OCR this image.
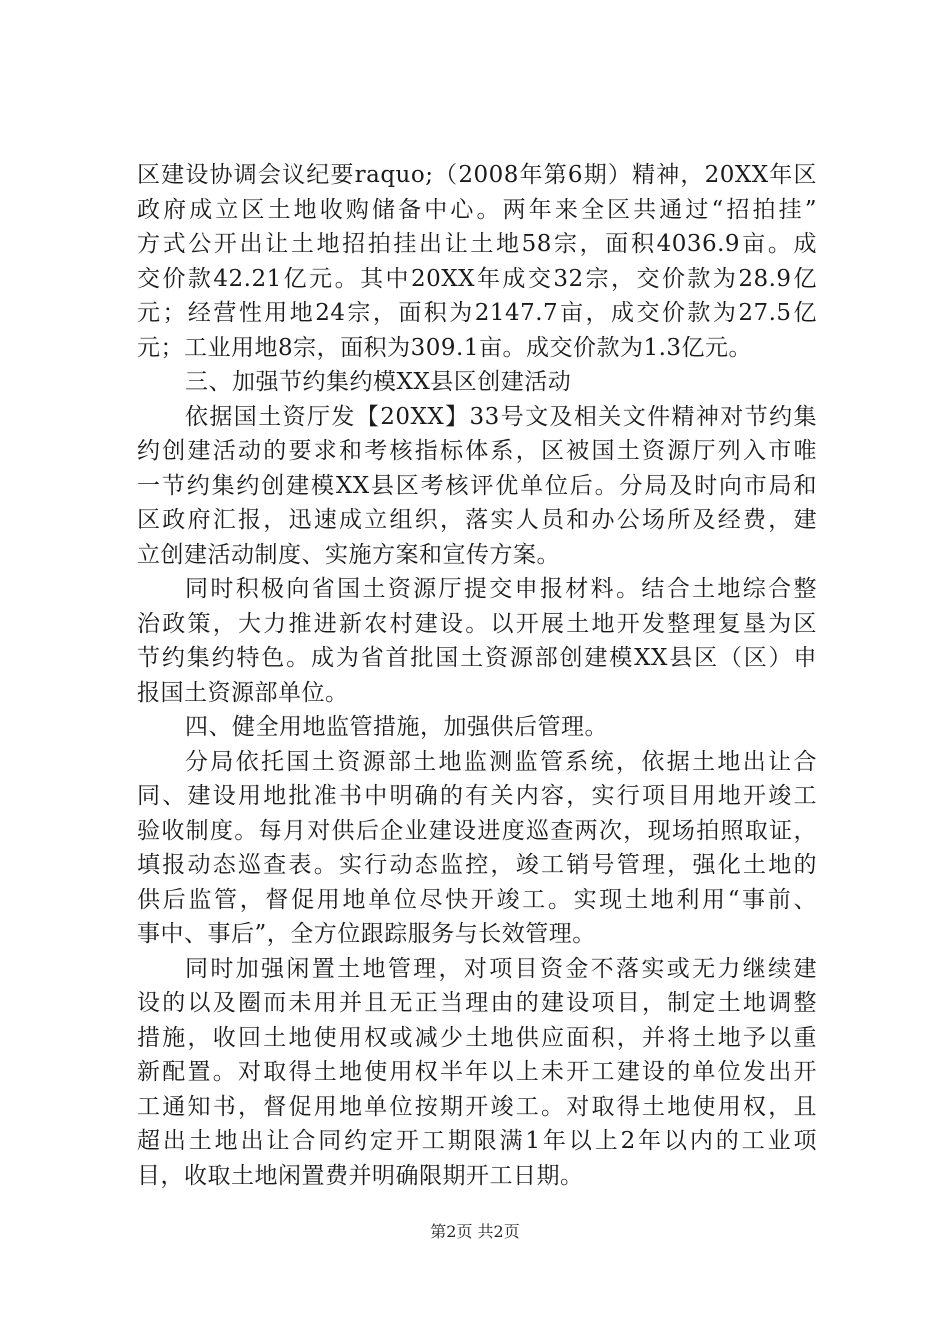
区建设协调会议纪要raquo;（2008年第6期）精神，20XX年区
政府成立区土地收购储备中心。两年来全区共通过“招拍挂”
方式公开出让土地招拍挂出让土地58宗，面积4036.9亩。成
交价款42.21亿元。其中20XX年成交32宗，交价款为28.9亿
元；经营性用地24宗，面积为2147.7亩，成交价款为27.5亿
元；工业用地8宗，面积为309.1亩。成交价款为1.3亿元。
三、加强节约集约模XX县区创建活动
依据国土资厅发【20XX】33号文及相关文件精神对节约集
约创建活动的要求和考核指标体系，区被国土资源厅列入市唯
一节约集约创建模XX县区考核评优单位后。分局及时向市局和
区政府汇报，迅速成立组织，落实人员和办公场所及经费，建
立创建活动制度、实施方案和宣传方案。
同时积极向省国土资源厅提交申报材料。结合土地综合整
治政策，大力推进新农村建设。以开展土地开发整理复垦为区
节约集约特色。成为省首批国土资源部创建模XX县区（区）申
报国土资源部单位。
四、健全用地监管措施，加强供后管理。
分局依托国土资源部土地监测监管系统，依据土地出让合
同、建设用地批准书中明确的有关内容，实行项目用地开竣工
验收制度。每月对供后企业建设进度巡查两次，现场拍照取证，
填报动态巡查表。实行动态监控，竣工销号管理，强化土地的
供后监管，督促用地单位尽快开竣工。实现土地利用“事前、
事中、事后”，全方位跟踪服务与长效管理。
同时加强闲置土地管理，对项目资金不落实或无力继续建
设的以及圈而未用并且无正当理由的建设项目，制定土地调整
措施，收回土地使用权或减少土地供应面积，并将土地予以重
新配置。对取得土地使用权半年以上未开工建设的单位发出开
工通知书，督促用地单位按期开竣工。对取得土地使用权，且
超出土地出让合同约定开工期限满1年以上2年以内的工业项
目，收取土地闲置费并明确限期开工日期。
第2页 共2页
